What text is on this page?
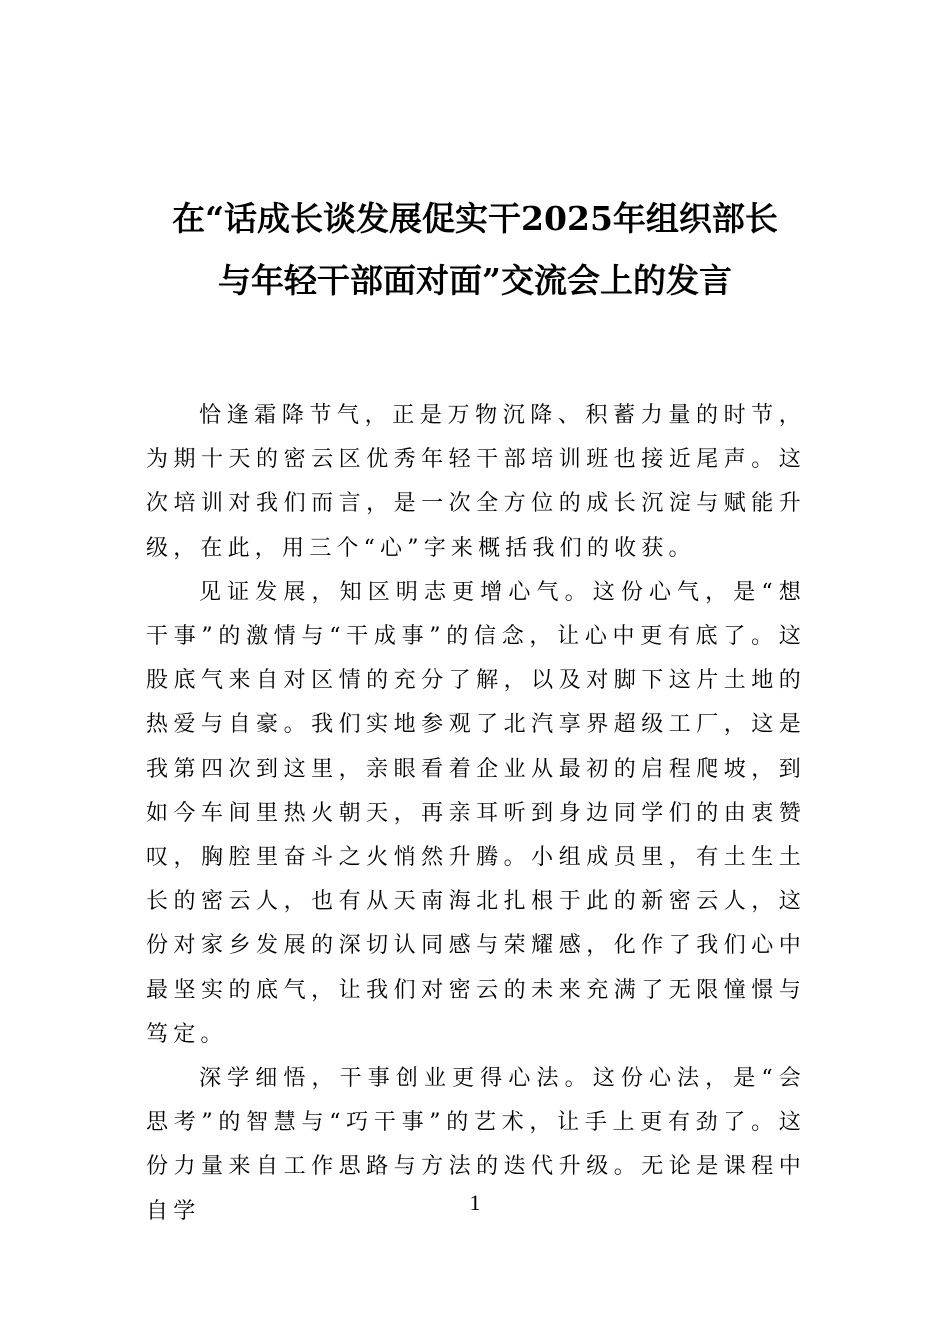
在“话成长谈发展促实干2025年组织部长
与年轻干部面对面”交流会上的发言

恰逢霜降节气，正是万物沉降、积蓄力量的时节，为期十天的密云区优秀年轻干部培训班也接近尾声。这次培训对我们而言，是一次全方位的成长沉淀与赋能升级，在此，用三个“心”字来概括我们的收获。

见证发展，知区明志更增心气。这份心气，是“想干事”的激情与“干成事”的信念，让心中更有底了。这股底气来自对区情的充分了解，以及对脚下这片土地的热爱与自豪。我们实地参观了北汽享界超级工厂，这是我第四次到这里，亲眼看着企业从最初的启程爬坡，到如今车间里热火朝天，再亲耳听到身边同学们的由衷赞叹，胸腔里奋斗之火悄然升腾。小组成员里，有土生土长的密云人，也有从天南海北扎根于此的新密云人，这份对家乡发展的深切认同感与荣耀感，化作了我们心中最坚实的底气，让我们对密云的未来充满了无限憧憬与笃定。

深学细悟，干事创业更得心法。这份心法，是“会思考”的智慧与“巧干事”的艺术，让手上更有劲了。这份力量来自工作思路与方法的迭代升级。无论是课程中自学	1
